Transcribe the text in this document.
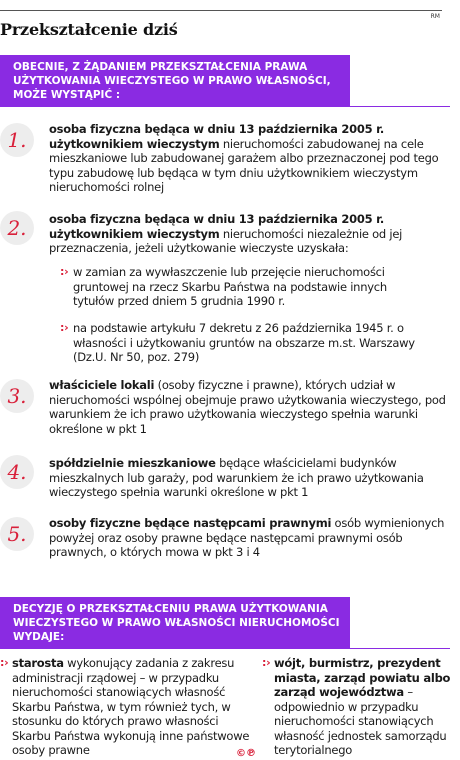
RM
Przekształcenie dziś
OBECNIE, Z ŻĄDANIEM PRZEKSZTAŁCENIA PRAWA UŻYTKOWANIA WIECZYSTEGO W PRAWO WŁASNOŚCI, MOŻE WYSTĄPIĆ :
1.	osoba fizyczna będąca w dniu 13 października 2005 r. użytkownikiem wieczystym nieruchomości zabudowanej na cele mieszkaniowe lub zabudowanej garażem albo przeznaczonej pod tego typu zabudowę lub będąca w tym dniu użytkownikiem wieczystym nieruchomości rolnej
2.	osoba fizyczna będąca w dniu 13 października 2005 r. użytkownikiem wieczystym nieruchomości niezależnie od jej przeznaczenia, jeżeli użytkowanie wieczyste uzyskała:
:› w zamian za wywłaszczenie lub przejęcie nieruchomości gruntowej na rzecz Skarbu Państwa na podstawie innych tytułów przed dniem 5 grudnia 1990 r.
:› na podstawie artykułu 7 dekretu z 26 października 1945 r. o własności i użytkowaniu gruntów na obszarze m.st. Warszawy (Dz.U. Nr 50, poz. 279)
3.	właściciele lokali (osoby fizyczne i prawne), których udział w nieruchomości wspólnej obejmuje prawo użytkowania wieczystego, pod warunkiem że ich prawo użytkowania wieczystego spełnia warunki określone w pkt 1
4.	spółdzielnie mieszkaniowe będące właścicielami budynków mieszkalnych lub garaży, pod warunkiem że ich prawo użytkowania wieczystego spełnia warunki określone w pkt 1
5.	osoby fizyczne będące następcami prawnymi osób wymienionych powyżej oraz osoby prawne będące następcami prawnymi osób prawnych, o których mowa w pkt 3 i 4
DECYZJĘ O PRZEKSZTAŁCENIU PRAWA UŻYTKOWANIA WIECZYSTEGO W PRAWO WŁASNOŚCI NIERUCHOMOŚCI WYDAJE:
:› starosta wykonujący zadania z zakresu administracji rządowej – w przypadku nieruchomości stanowiących własność Skarbu Państwa, w tym również tych, w stosunku do których prawo własności Skarbu Państwa wykonują inne państwowe osoby prawne
:› wójt, burmistrz, prezydent miasta, zarząd powiatu albo zarząd województwa – odpowiednio w przypadku nieruchomości stanowiących własność jednostek samorządu terytorialnego
©℗
